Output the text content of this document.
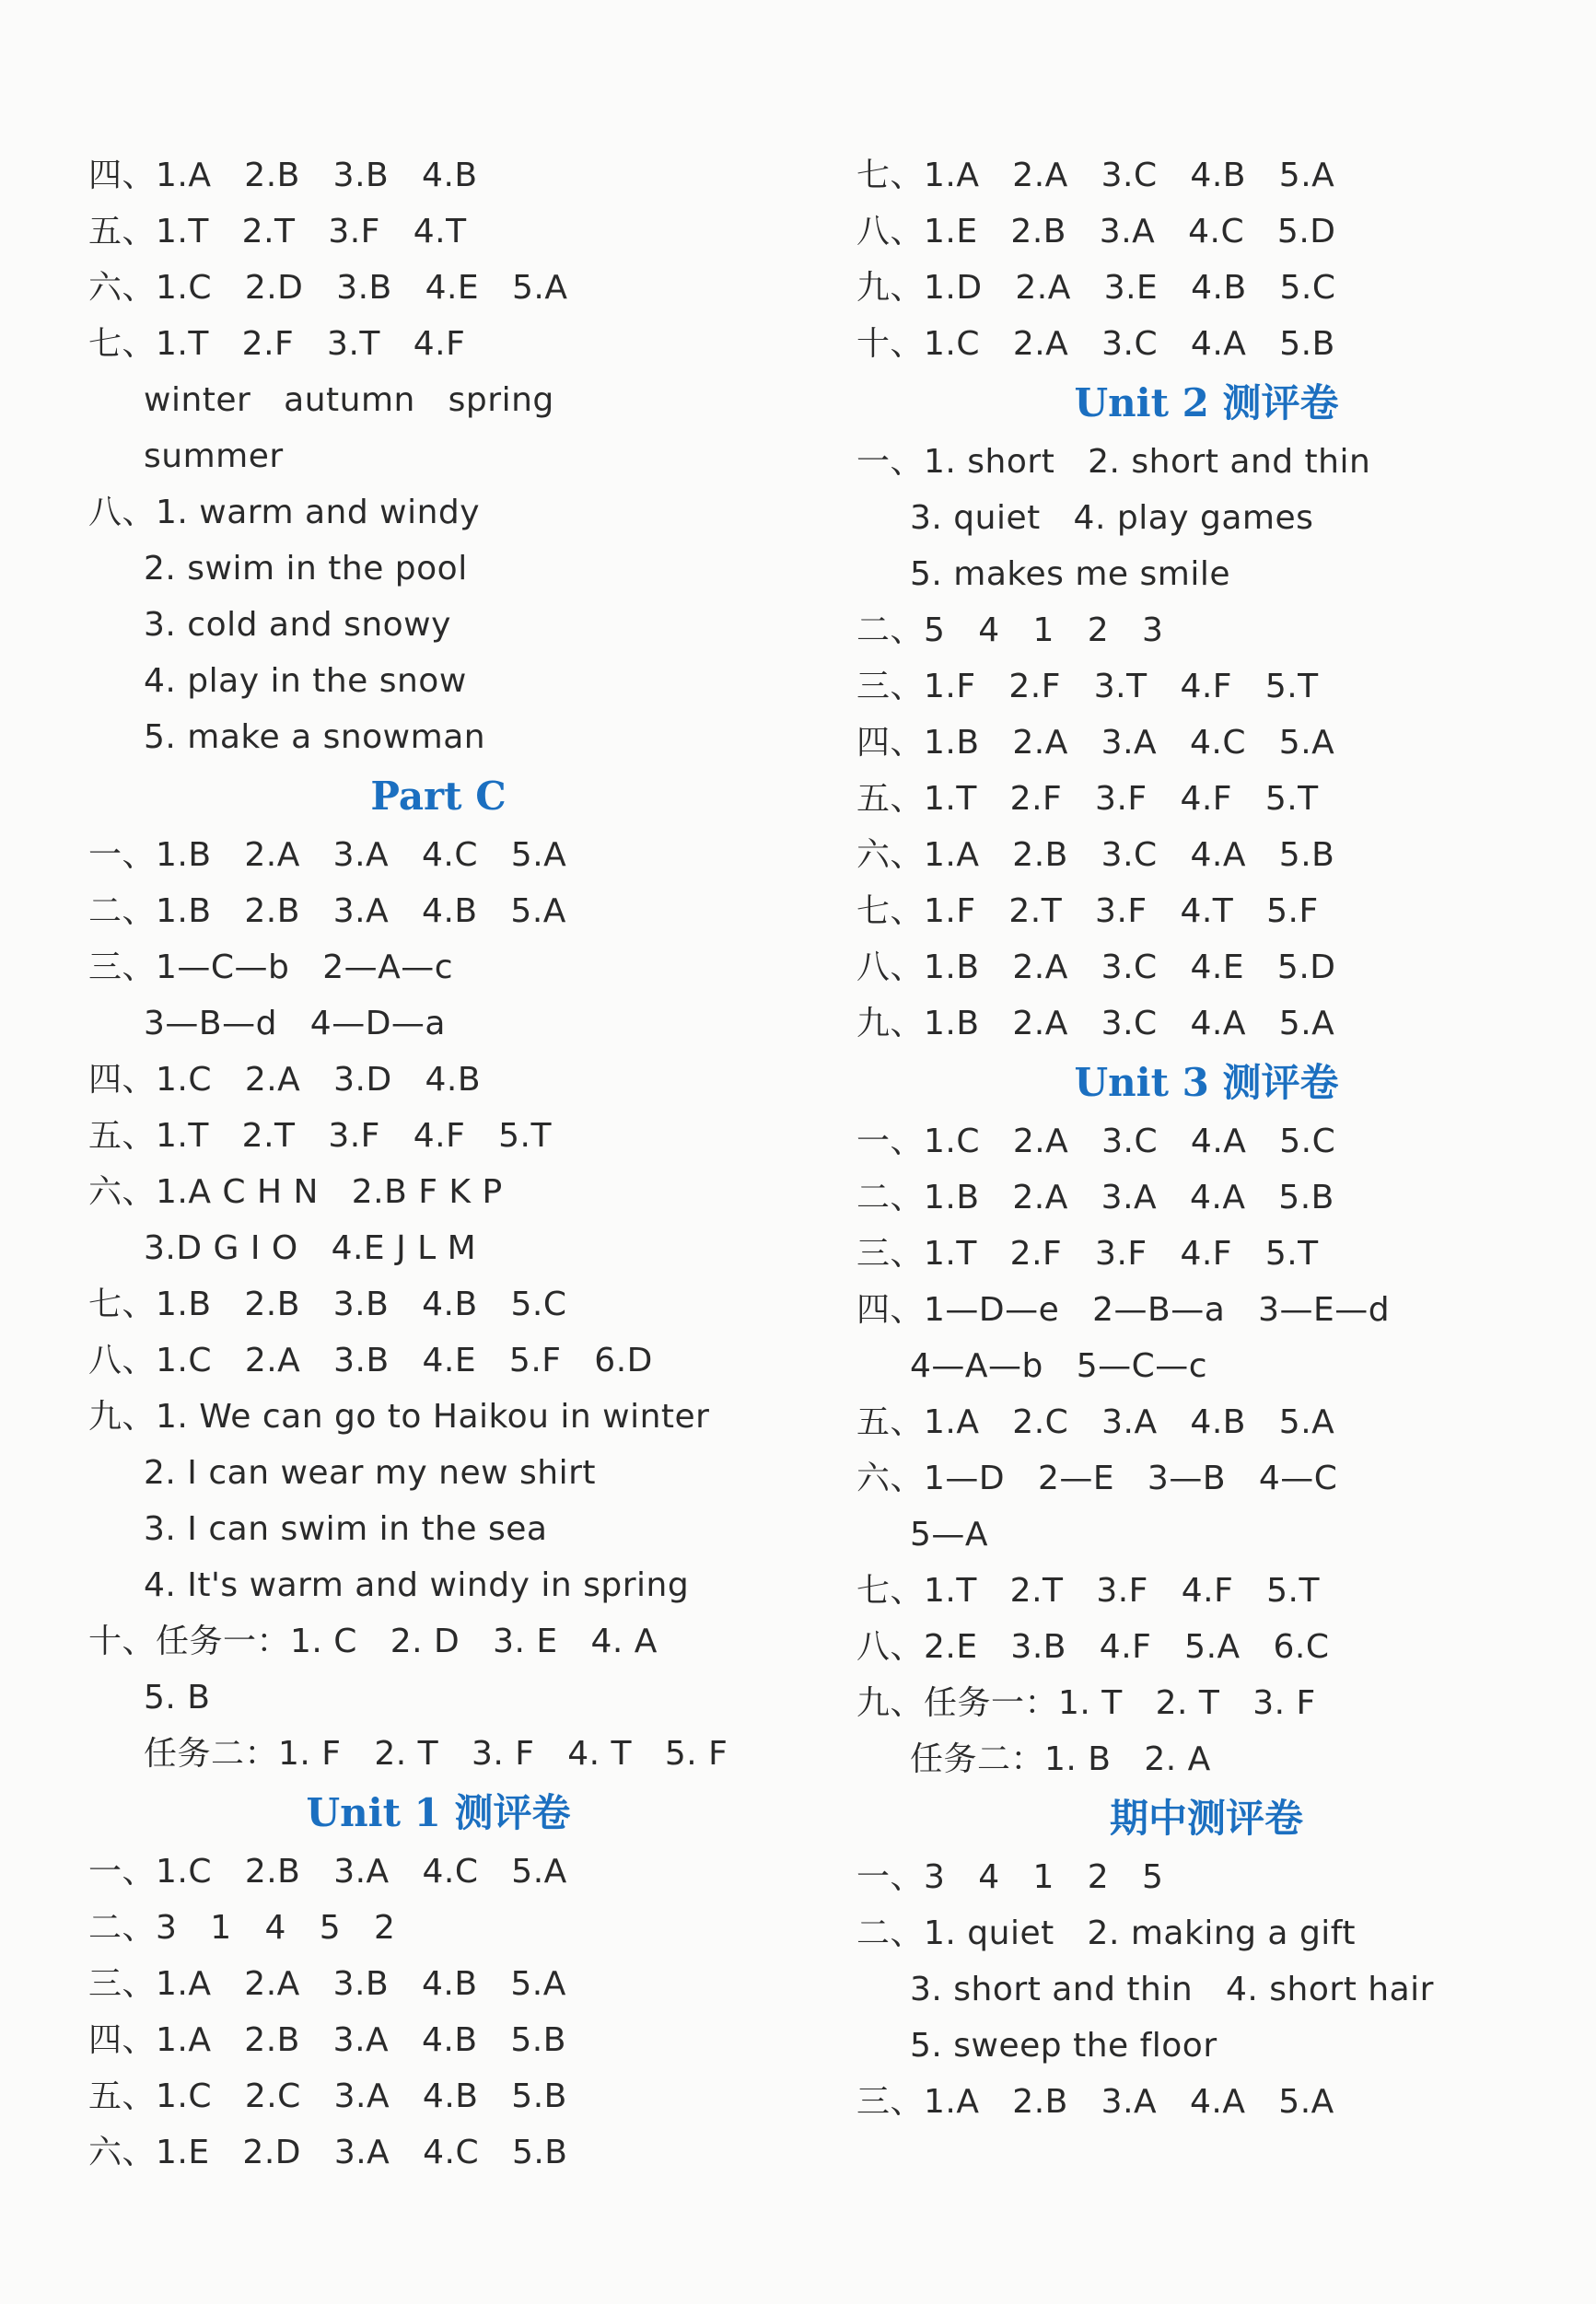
四、1.A   2.B   3.B   4.B
五、1.T   2.T   3.F   4.T
六、1.C   2.D   3.B   4.E   5.A
七、1.T   2.F   3.T   4.F
winter   autumn   spring
summer
八、1. warm and windy
2. swim in the pool
3. cold and snowy
4. play in the snow
5. make a snowman
Part C
一、1.B   2.A   3.A   4.C   5.A
二、1.B   2.B   3.A   4.B   5.A
三、1—C—b   2—A—c
3—B—d   4—D—a
四、1.C   2.A   3.D   4.B
五、1.T   2.T   3.F   4.F   5.T
六、1.A C H N   2.B F K P
3.D G I O   4.E J L M
七、1.B   2.B   3.B   4.B   5.C
八、1.C   2.A   3.B   4.E   5.F   6.D
九、1. We can go to Haikou in winter
2. I can wear my new shirt
3. I can swim in the sea
4. It's warm and windy in spring
十、任务一：1. C   2. D   3. E   4. A
5. B
任务二：1. F   2. T   3. F   4. T   5. F
Unit 1 测评卷
一、1.C   2.B   3.A   4.C   5.A
二、3   1   4   5   2
三、1.A   2.A   3.B   4.B   5.A
四、1.A   2.B   3.A   4.B   5.B
五、1.C   2.C   3.A   4.B   5.B
六、1.E   2.D   3.A   4.C   5.B
七、1.A   2.A   3.C   4.B   5.A
八、1.E   2.B   3.A   4.C   5.D
九、1.D   2.A   3.E   4.B   5.C
十、1.C   2.A   3.C   4.A   5.B
Unit 2 测评卷
一、1. short   2. short and thin
3. quiet   4. play games
5. makes me smile
二、5   4   1   2   3
三、1.F   2.F   3.T   4.F   5.T
四、1.B   2.A   3.A   4.C   5.A
五、1.T   2.F   3.F   4.F   5.T
六、1.A   2.B   3.C   4.A   5.B
七、1.F   2.T   3.F   4.T   5.F
八、1.B   2.A   3.C   4.E   5.D
九、1.B   2.A   3.C   4.A   5.A
Unit 3 测评卷
一、1.C   2.A   3.C   4.A   5.C
二、1.B   2.A   3.A   4.A   5.B
三、1.T   2.F   3.F   4.F   5.T
四、1—D—e   2—B—a   3—E—d
4—A—b   5—C—c
五、1.A   2.C   3.A   4.B   5.A
六、1—D   2—E   3—B   4—C
5—A
七、1.T   2.T   3.F   4.F   5.T
八、2.E   3.B   4.F   5.A   6.C
九、任务一：1. T   2. T   3. F
任务二：1. B   2. A
期中测评卷
一、3   4   1   2   5
二、1. quiet   2. making a gift
3. short and thin   4. short hair
5. sweep the floor
三、1.A   2.B   3.A   4.A   5.A
